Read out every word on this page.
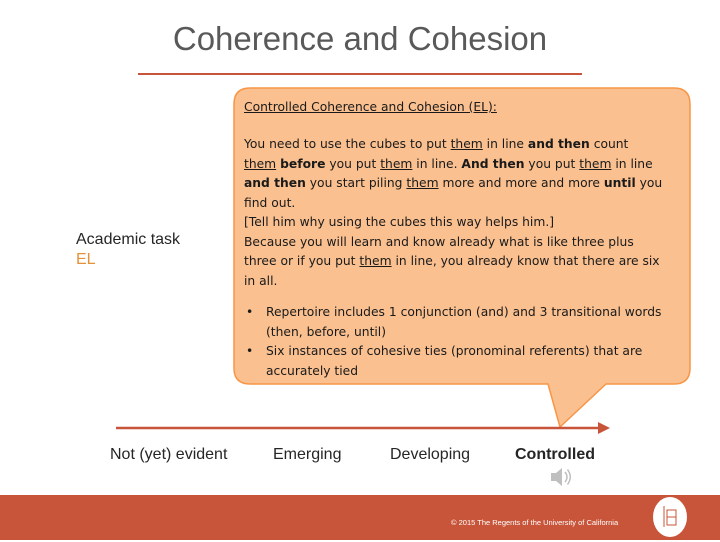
Coherence and Cohesion
Controlled Coherence and Cohesion (EL):
You need to use the cubes to put them in line and then count them before you put them in line. And then you put them in line and then you start piling them more and more and more until you find out.
[Tell him why using the cubes this way helps him.]
Because you will learn and know already what is like three plus three or if you put them in line, you already know that there are six in all.
• Repertoire includes 1 conjunction (and) and 3 transitional words (then, before, until)
• Six instances of cohesive ties (pronominal referents) that are accurately tied
Academic task
EL
Not (yet) evident	Emerging	Developing	Controlled
© 2015 The Regents of the University of California
